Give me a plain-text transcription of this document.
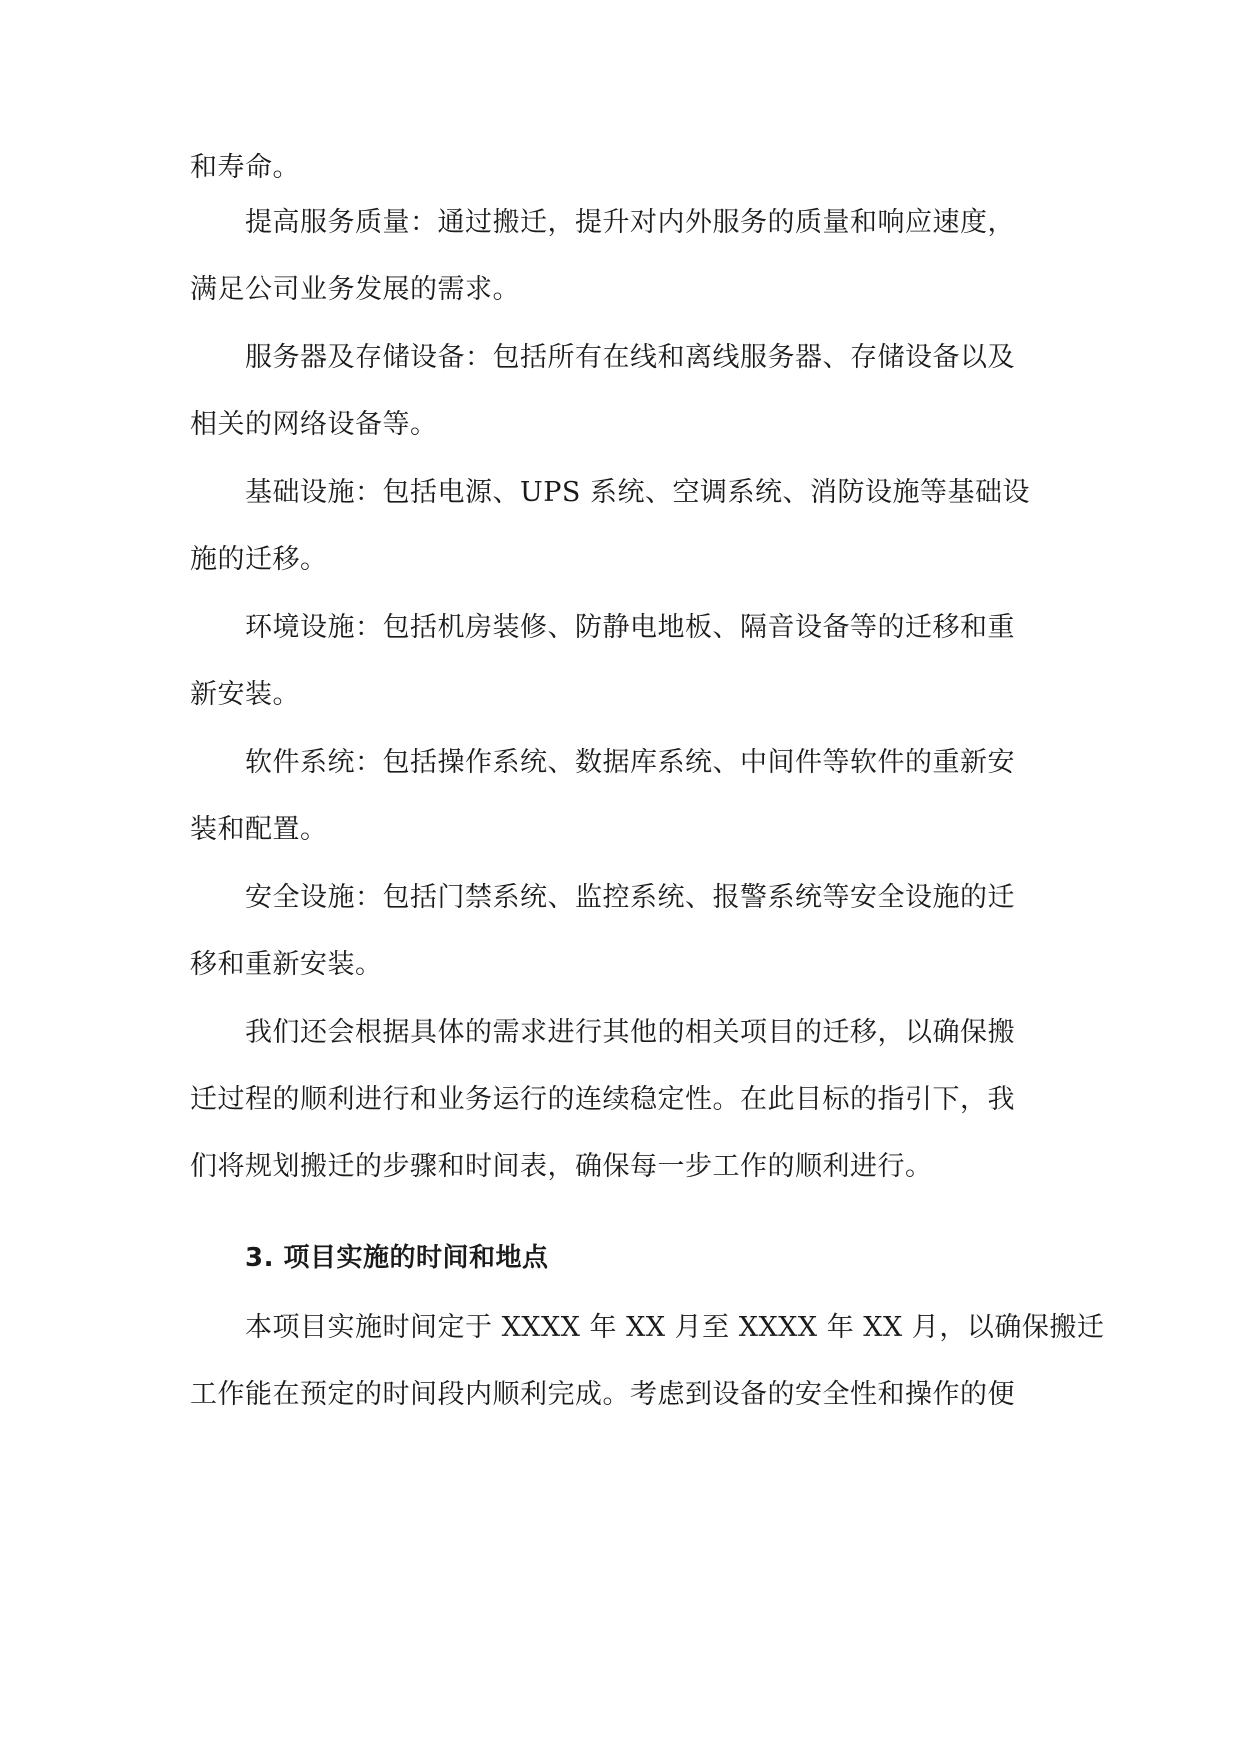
和寿命。
提高服务质量：通过搬迁，提升对内外服务的质量和响应速度，
满足公司业务发展的需求。
服务器及存储设备：包括所有在线和离线服务器、存储设备以及
相关的网络设备等。
基础设施：包括电源、UPS 系统、空调系统、消防设施等基础设
施的迁移。
环境设施：包括机房装修、防静电地板、隔音设备等的迁移和重
新安装。
软件系统：包括操作系统、数据库系统、中间件等软件的重新安
装和配置。
安全设施：包括门禁系统、监控系统、报警系统等安全设施的迁
移和重新安装。
我们还会根据具体的需求进行其他的相关项目的迁移，以确保搬
迁过程的顺利进行和业务运行的连续稳定性。在此目标的指引下，我
们将规划搬迁的步骤和时间表，确保每一步工作的顺利进行。
3. 项目实施的时间和地点
本项目实施时间定于 XXXX 年 XX 月至 XXXX 年 XX 月，以确保搬迁
工作能在预定的时间段内顺利完成。考虑到设备的安全性和操作的便
